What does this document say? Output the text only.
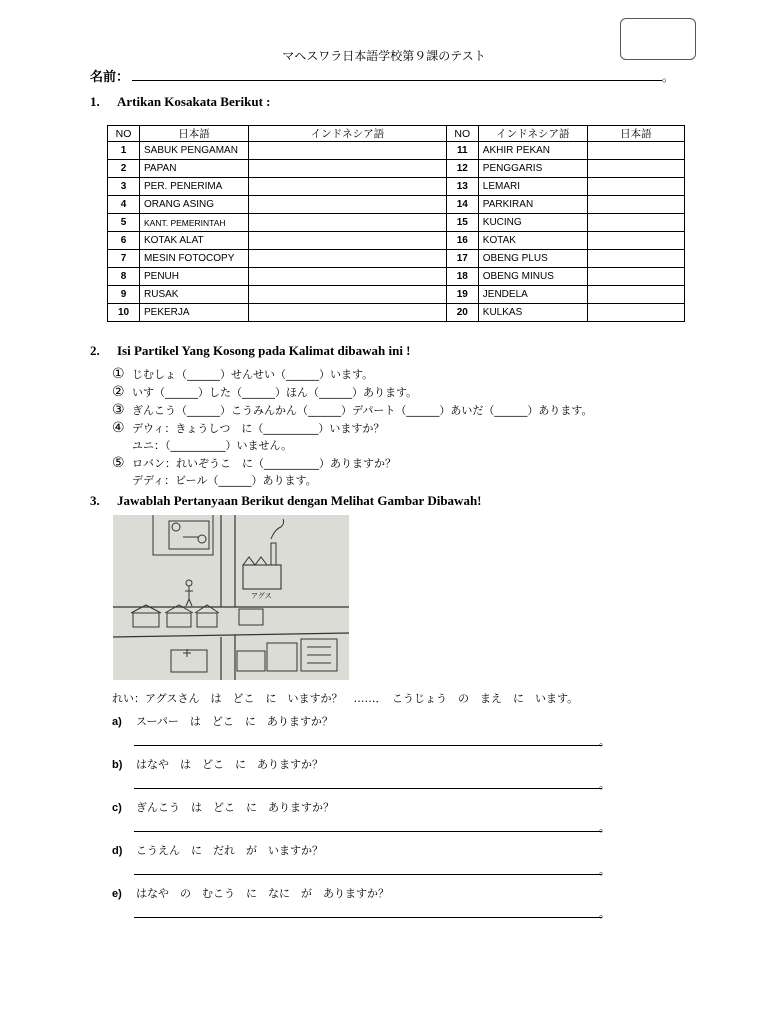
マヘスワラ日本語学校第９課のテスト
名前：	。
1. Artikan Kosakata Berikut :
NO	日本語	インドネシア語	NO	インドネシア語	日本語
1	SABUK PENGAMAN		11	AKHIR PEKAN	
2	PAPAN		12	PENGGARIS	
3	PER. PENERIMA		13	LEMARI	
4	ORANG ASING		14	PARKIRAN	
5	KANT. PEMERINTAH		15	KUCING	
6	KOTAK ALAT		16	KOTAK	
7	MESIN FOTOCOPY		17	OBENG PLUS	
8	PENUH		18	OBENG MINUS	
9	RUSAK		19	JENDELA	
10	PEKERJA		20	KULKAS	
2. Isi Partikel Yang Kosong pada Kalimat dibawah ini !
① じむしょ（______）せんせい（______）います。
② いす（______）した（______）ほん（______）あります。
③ ぎんこう（______）こうみんかん（______）デパート（______）あいだ（______）あります。
④ デウィ：きょうしつ　に（__________）いますか？
ユニ：（__________）いません。
⑤ ロバン：れいぞうこ　に（__________）ありますか？
デディ：ビール（______）あります。
3. Jawablah Pertanyaan Berikut dengan Melihat Gambar Dibawah!
アグス
れい：アグスさん　は　どこ　に　いますか？　……．　こうじょう　の　まえ　に　います。
a) スーパー　は　どこ　に　ありますか？
。
b) はなや　は　どこ　に　ありますか？
。
c) ぎんこう　は　どこ　に　ありますか？
。
d) こうえん　に　だれ　が　いますか？
。
e) はなや　の　むこう　に　なに　が　ありますか？
。
